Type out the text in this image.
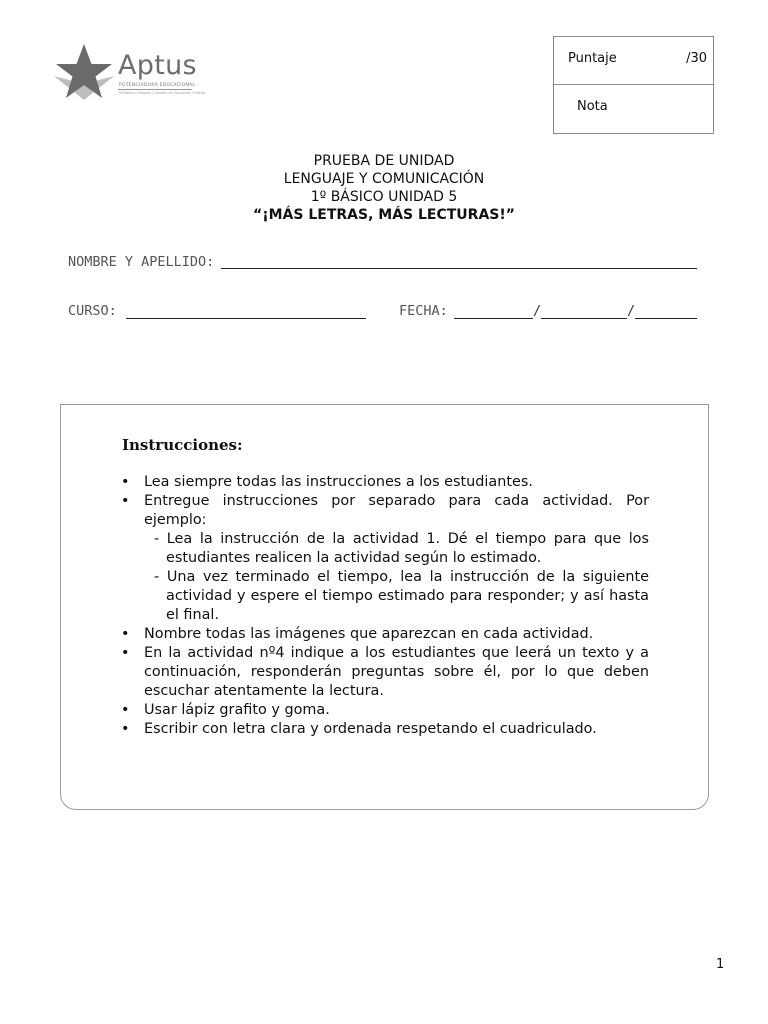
Aptus
POTENCIADORA EDUCACIONAL
Mi Nación Colegios | Gestión de Educación Chilena
Puntaje	/30
Nota
PRUEBA DE UNIDAD
LENGUAJE Y COMUNICACIÓN
1º BÁSICO UNIDAD 5
“¡MÁS LETRAS, MÁS LECTURAS!”
NOMBRE Y APELLIDO:
CURSO:	FECHA:	/	/
Instrucciones:
• Lea siempre todas las instrucciones a los estudiantes.
• Entregue instrucciones por separado para cada actividad. Por ejemplo:
- Lea la instrucción de la actividad 1. Dé el tiempo para que los estudiantes realicen la actividad según lo estimado.
- Una vez terminado el tiempo, lea la instrucción de la siguiente actividad y espere el tiempo estimado para responder; y así hasta el final.
• Nombre todas las imágenes que aparezcan en cada actividad.
• En la actividad nº4 indique a los estudiantes que leerá un texto y a continuación, responderán preguntas sobre él, por lo que deben escuchar atentamente la lectura.
• Usar lápiz grafito y goma.
• Escribir con letra clara y ordenada respetando el cuadriculado.
1
